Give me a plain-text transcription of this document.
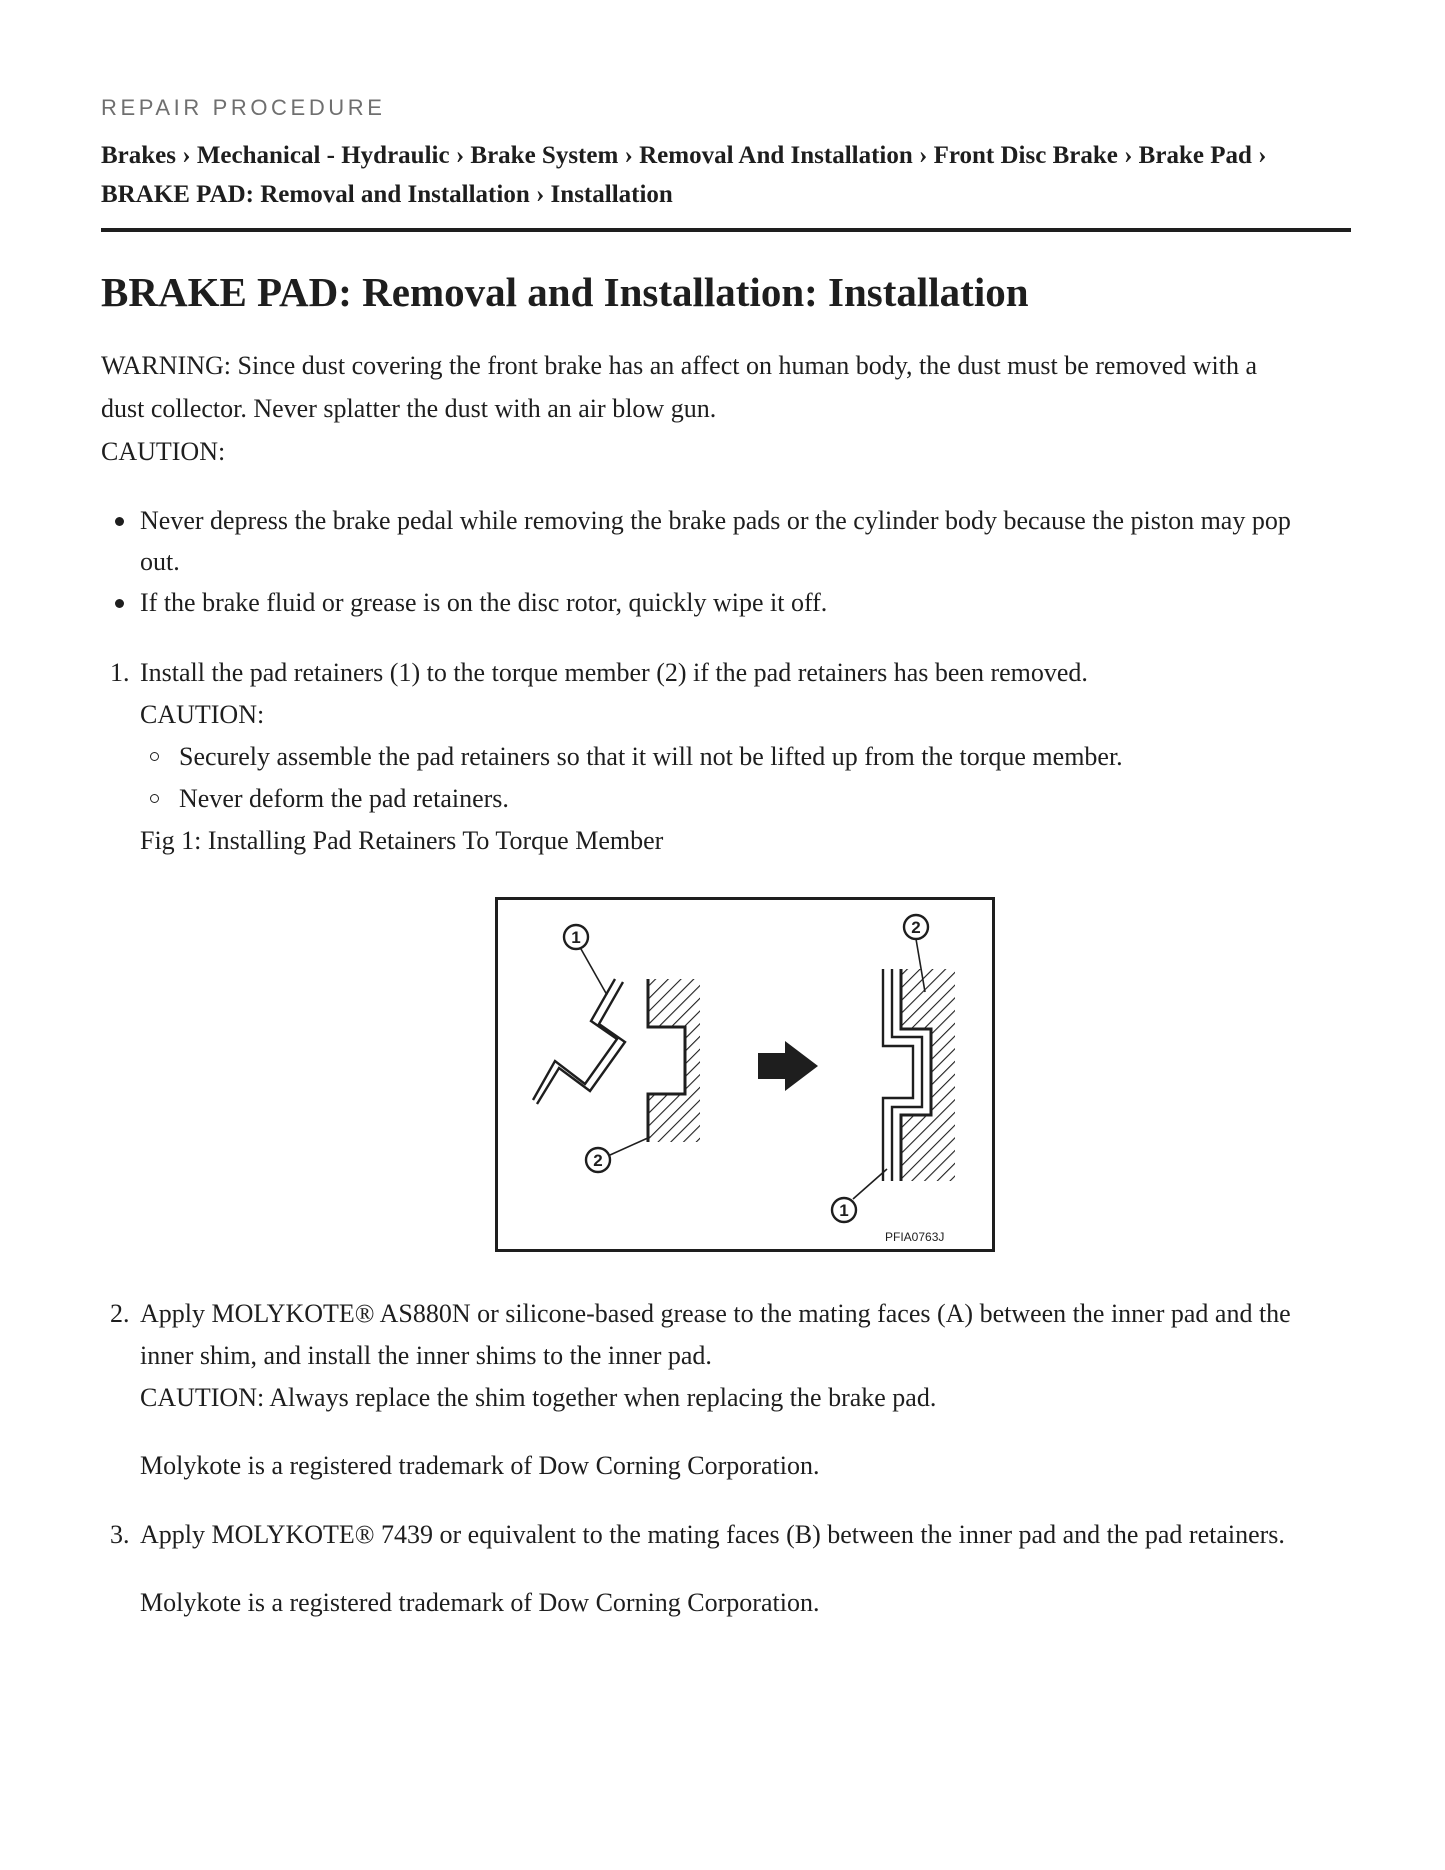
REPAIR PROCEDURE
Brakes › Mechanical - Hydraulic › Brake System › Removal And Installation › Front Disc Brake › Brake Pad ›
BRAKE PAD: Removal and Installation › Installation
BRAKE PAD: Removal and Installation: Installation
WARNING: Since dust covering the front brake has an affect on human body, the dust must be removed with a
dust collector. Never splatter the dust with an air blow gun.
CAUTION:
Never depress the brake pedal while removing the brake pads or the cylinder body because the piston may pop
out.
If the brake fluid or grease is on the disc rotor, quickly wipe it off.
1. Install the pad retainers (1) to the torque member (2) if the pad retainers has been removed.
CAUTION:
Securely assemble the pad retainers so that it will not be lifted up from the torque member.
Never deform the pad retainers.
Fig 1: Installing Pad Retainers To Torque Member
1
2
2
1
PFIA0763J
2. Apply MOLYKOTE® AS880N or silicone-based grease to the mating faces (A) between the inner pad and the
inner shim, and install the inner shims to the inner pad.
CAUTION: Always replace the shim together when replacing the brake pad.
Molykote is a registered trademark of Dow Corning Corporation.
3. Apply MOLYKOTE® 7439 or equivalent to the mating faces (B) between the inner pad and the pad retainers.
Molykote is a registered trademark of Dow Corning Corporation.
